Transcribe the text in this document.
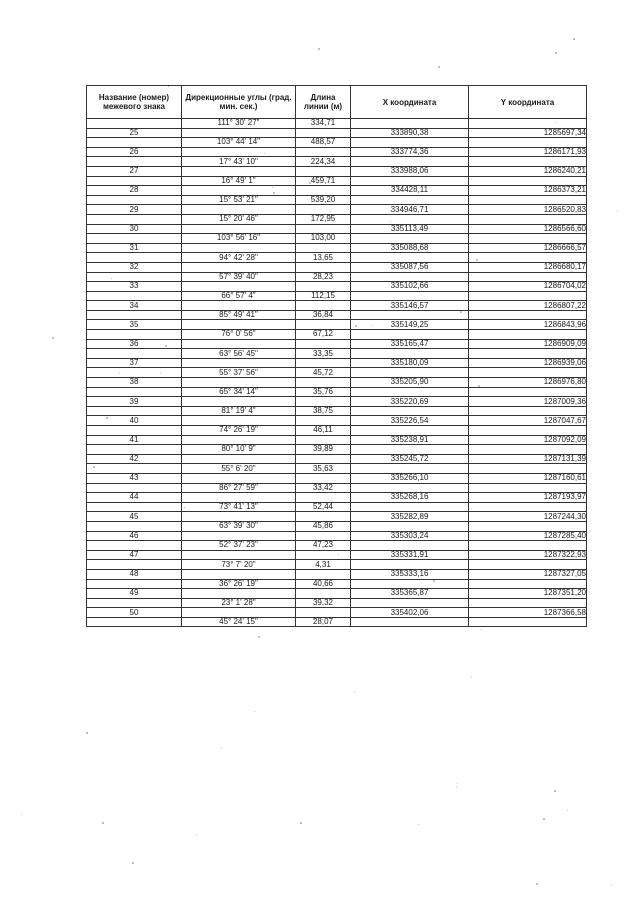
Название (номер) межевого знака	Дирекционные углы (град. мин. сек.)	Длина линии (м)	X координата	Y координата
	111° 30' 27"	334,71		
25			333890,38	1285697,34
	103° 44' 14"	488,57		
26			333774,36	1286171,93
	17° 43' 10"	224,34		
27			333988,06	1286240,21
	16° 49' 1"	459,71		
28			334428,11	1286373,21
	15° 53' 21"	539,20		
29			334946,71	1286520,83
	15° 20' 46"	172,95		
30			335113,49	1286566,60
	103° 56' 16"	103,00		
31			335088,68	1286666,57
	94° 42' 28"	13,65		
32			335087,56	1286680,17
	57° 39' 40"	28,23		
33			335102,66	1286704,02
	66° 57' 4"	112,15		
34			335146,57	1286807,22
	85° 49' 41"	36,84		
35			335149,25	1286843,96
	76° 0' 56"	67,12		
36			335165,47	1286909,09
	63° 56' 45"	33,35		
37			335180,09	1286939,06
	55° 37' 56"	45,72		
38			335205,90	1286976,80
	65° 34' 14"	35,76		
39			335220,69	1287009,36
	81° 19' 4"	38,75		
40			335226,54	1287047,67
	74° 26' 19"	46,11		
41			335238,91	1287092,09
	80° 10' 9"	39,89		
42			335245,72	1287131,39
	55° 6' 20"	35,63		
43			335266,10	1287160,61
	86° 27' 59"	33,42		
44			335268,16	1287193,97
	73° 41' 13"	52,44		
45			335282,89	1287244,30
	63° 39' 30"	45,86		
46			335303,24	1287285,40
	52° 37' 23"	47,23		
47			335331,91	1287322,93
	73° 7' 20"	4,31		
48			335333,16	1287327,05
	36° 26' 19"	40,66		
49			335365,87	1287351,20
	23° 1' 28"	39,32		
50			335402,06	1287366,58
	45° 24' 15"	28,07		
